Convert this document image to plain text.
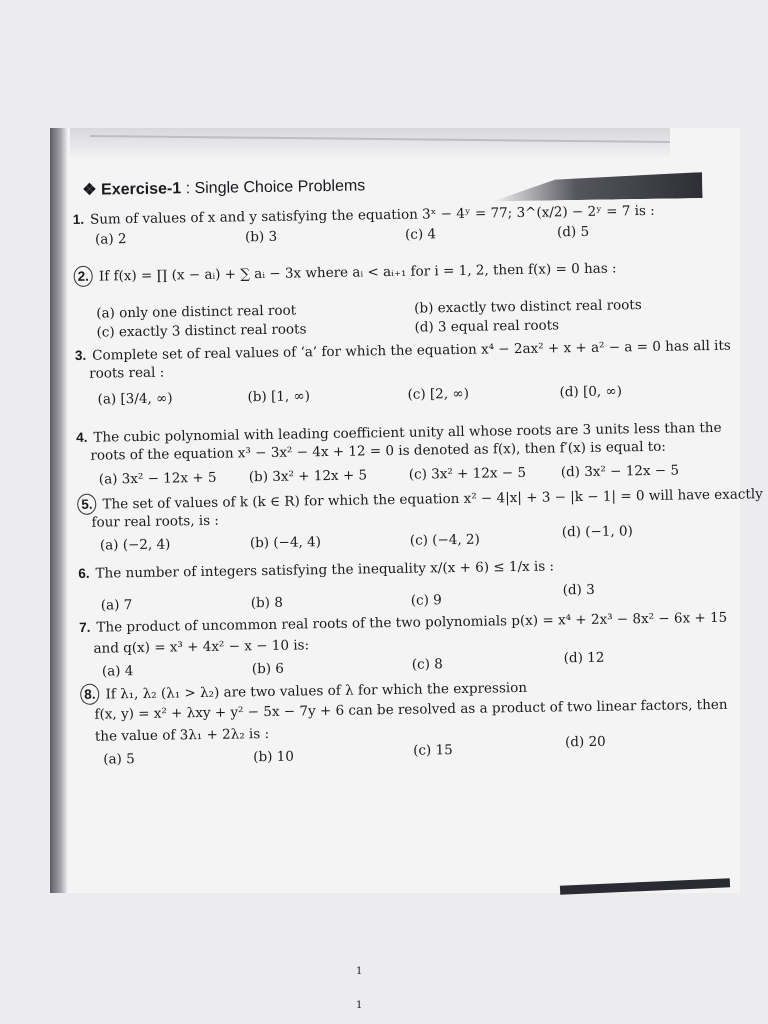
❖ Exercise-1 : Single Choice Problems
1. Sum of values of x and y satisfying the equation 3ˣ − 4ʸ = 77; 3^(x/2) − 2ʸ = 7 is :
(a) 2	(b) 3	(c) 4	(d) 5
2. If f(x) = ∏ (x − aᵢ) + ∑ aᵢ − 3x where aᵢ < aᵢ₊₁ for i = 1, 2, then f(x) = 0 has :
(a) only one distinct real root	(b) exactly two distinct real roots
(c) exactly 3 distinct real roots	(d) 3 equal real roots
3. Complete set of real values of ‘a’ for which the equation x⁴ − 2ax² + x + a² − a = 0 has all its
roots real :
(a) [3/4, ∞)	(b) [1, ∞)	(c) [2, ∞)	(d) [0, ∞)
4. The cubic polynomial with leading coefficient unity all whose roots are 3 units less than the
roots of the equation x³ − 3x² − 4x + 12 = 0 is denoted as f(x), then f′(x) is equal to:
(a) 3x² − 12x + 5 (b) 3x² + 12x + 5	(c) 3x² + 12x − 5	(d) 3x² − 12x − 5
5. The set of values of k (k ∈ R) for which the equation x² − 4|x| + 3 − |k − 1| = 0 will have exactly
four real roots, is :
(a) (−2, 4)	(b) (−4, 4)	(c) (−4, 2)	(d) (−1, 0)
6. The number of integers satisfying the inequality x/(x + 6) ≤ 1/x is :
(a) 7	(b) 8	(c) 9
(d) 3
7. The product of uncommon real roots of the two polynomials p(x) = x⁴ + 2x³ − 8x² − 6x + 15
and q(x) = x³ + 4x² − x − 10 is:
(a) 4	(b) 6	(c) 8	(d) 12
8. If λ₁, λ₂ (λ₁ > λ₂) are two values of λ for which the expression
f(x, y) = x² + λxy + y² − 5x − 7y + 6 can be resolved as a product of two linear factors, then
the value of 3λ₁ + 2λ₂ is :
(a) 5	(b) 10	(c) 15
(d) 20
1
1
